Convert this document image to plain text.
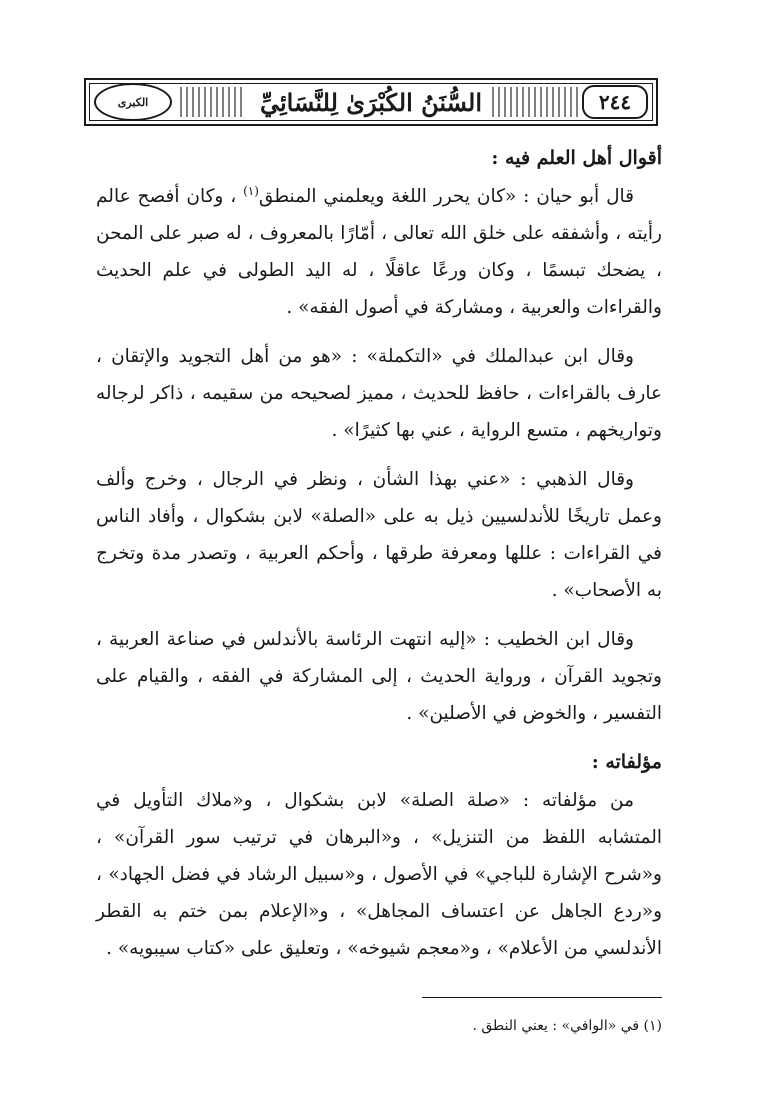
الكبرى	السُّنَنُ الكُبْرَىٰ لِلنَّسَائِيِّ	٢٤٤
أقوال أهل العلم فيه :

قال أبو حيان : «كان يحرر اللغة ويعلمني المنطق$^{(١)}$ ، وكان أفصح عالم رأيته ، وأشفقه على خلق الله تعالى ، أمّارًا بالمعروف ، له صبر على المحن ، يضحك تبسمًا ، وكان ورعًا عاقلًا ، له اليد الطولى في علم الحديث والقراءات والعربية ، ومشاركة في أصول الفقه» .

وقال ابن عبدالملك في «التكملة» : «هو من أهل التجويد والإتقان ، عارف بالقراءات ، حافظ للحديث ، مميز لصحيحه من سقيمه ، ذاكر لرجاله وتواريخهم ، متسع الرواية ، عني بها كثيرًا» .

وقال الذهبي : «عني بهذا الشأن ، ونظر في الرجال ، وخرج وألف وعمل تاريخًا للأندلسيين ذيل به على «الصلة» لابن بشكوال ، وأفاد الناس في القراءات : عللها ومعرفة طرقها ، وأحكم العربية ، وتصدر مدة وتخرج به الأصحاب» .

وقال ابن الخطيب : «إليه انتهت الرئاسة بالأندلس في صناعة العربية ، وتجويد القرآن ، ورواية الحديث ، إلى المشاركة في الفقه ، والقيام على التفسير ، والخوض في الأصلين» .

مؤلفاته :

من مؤلفاته : «صلة الصلة» لابن بشكوال ، و«ملاك التأويل في المتشابه اللفظ من التنزيل» ، و«البرهان في ترتيب سور القرآن» ، و«شرح الإشارة للباجي» في الأصول ، و«سبيل الرشاد في فضل الجهاد» ، و«ردع الجاهل عن اعتساف المجاهل» ، و«الإعلام بمن ختم به القطر الأندلسي من الأعلام» ، و«معجم شيوخه» ، وتعليق على «كتاب سيبويه» .

(١) في «الوافي» : يعني النطق .
